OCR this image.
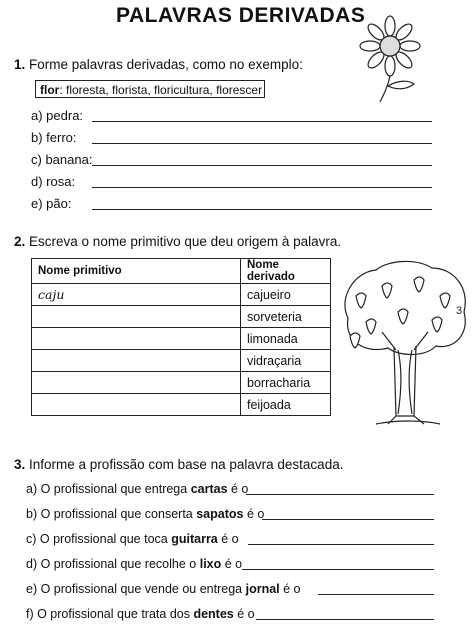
PALAVRAS DERIVADAS
1. Forme palavras derivadas, como no exemplo:
flor: floresta, florista, floricultura, florescer
a) pedra:
b) ferro:
c) banana:
d) rosa:
e) pão:
2. Escreva o nome primitivo que deu origem à palavra.
Nome primitivo	Nome derivado
caju	cajueiro
	sorveteria
	limonada
	vidraçaria
	borracharia
	feijoada
3
3. Informe a profissão com base na palavra destacada.
a) O profissional que entrega cartas é o
b) O profissional que conserta sapatos é o
c) O profissional que toca guitarra é o
d) O profissional que recolhe o lixo é o
e) O profissional que vende ou entrega jornal é o
f) O profissional que trata dos dentes é o
